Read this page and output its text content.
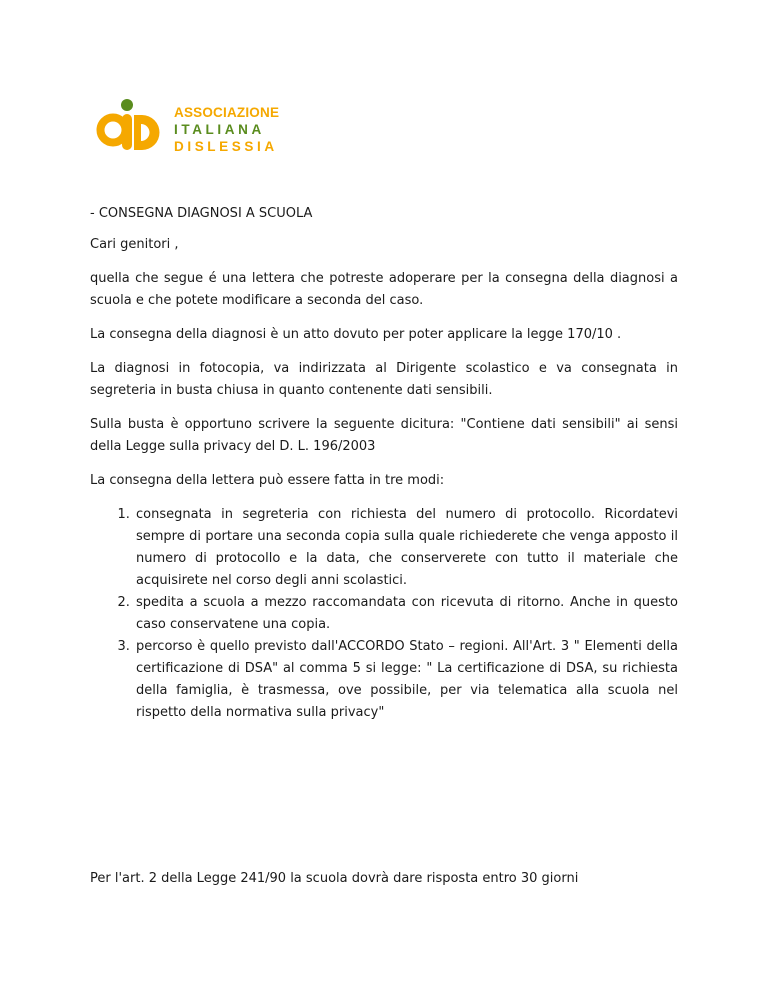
ASSOCIAZIONE
ITALIANA
DISLESSIA

- CONSEGNA DIAGNOSI A SCUOLA

Cari genitori ,

quella che segue é una lettera che potreste adoperare per la consegna della diagnosi a scuola e che potete modificare a seconda del caso.

La consegna della diagnosi è un atto dovuto per poter applicare la legge 170/10 .

La diagnosi in fotocopia, va indirizzata al Dirigente scolastico e va consegnata in segreteria in busta chiusa in quanto contenente dati sensibili.

Sulla busta è opportuno scrivere la seguente dicitura: "Contiene dati sensibili" ai sensi della Legge sulla privacy del D. L. 196/2003

La consegna della lettera può essere fatta in tre modi:

1. consegnata in segreteria con richiesta del numero di protocollo. Ricordatevi sempre di portare una seconda copia sulla quale richiederete che venga apposto il numero di protocollo e la data, che conserverete con tutto il materiale che acquisirete nel corso degli anni scolastici.
2. spedita a scuola a mezzo raccomandata con ricevuta di ritorno. Anche in questo caso conservatene una copia.
3. percorso è quello previsto dall'ACCORDO Stato – regioni. All'Art. 3 " Elementi della certificazione di DSA" al comma 5 si legge: " La certificazione di DSA, su richiesta della famiglia, è trasmessa, ove possibile, per via telematica alla scuola nel rispetto della normativa sulla privacy"

Per l'art. 2 della Legge 241/90 la scuola dovrà dare risposta entro 30 giorni
